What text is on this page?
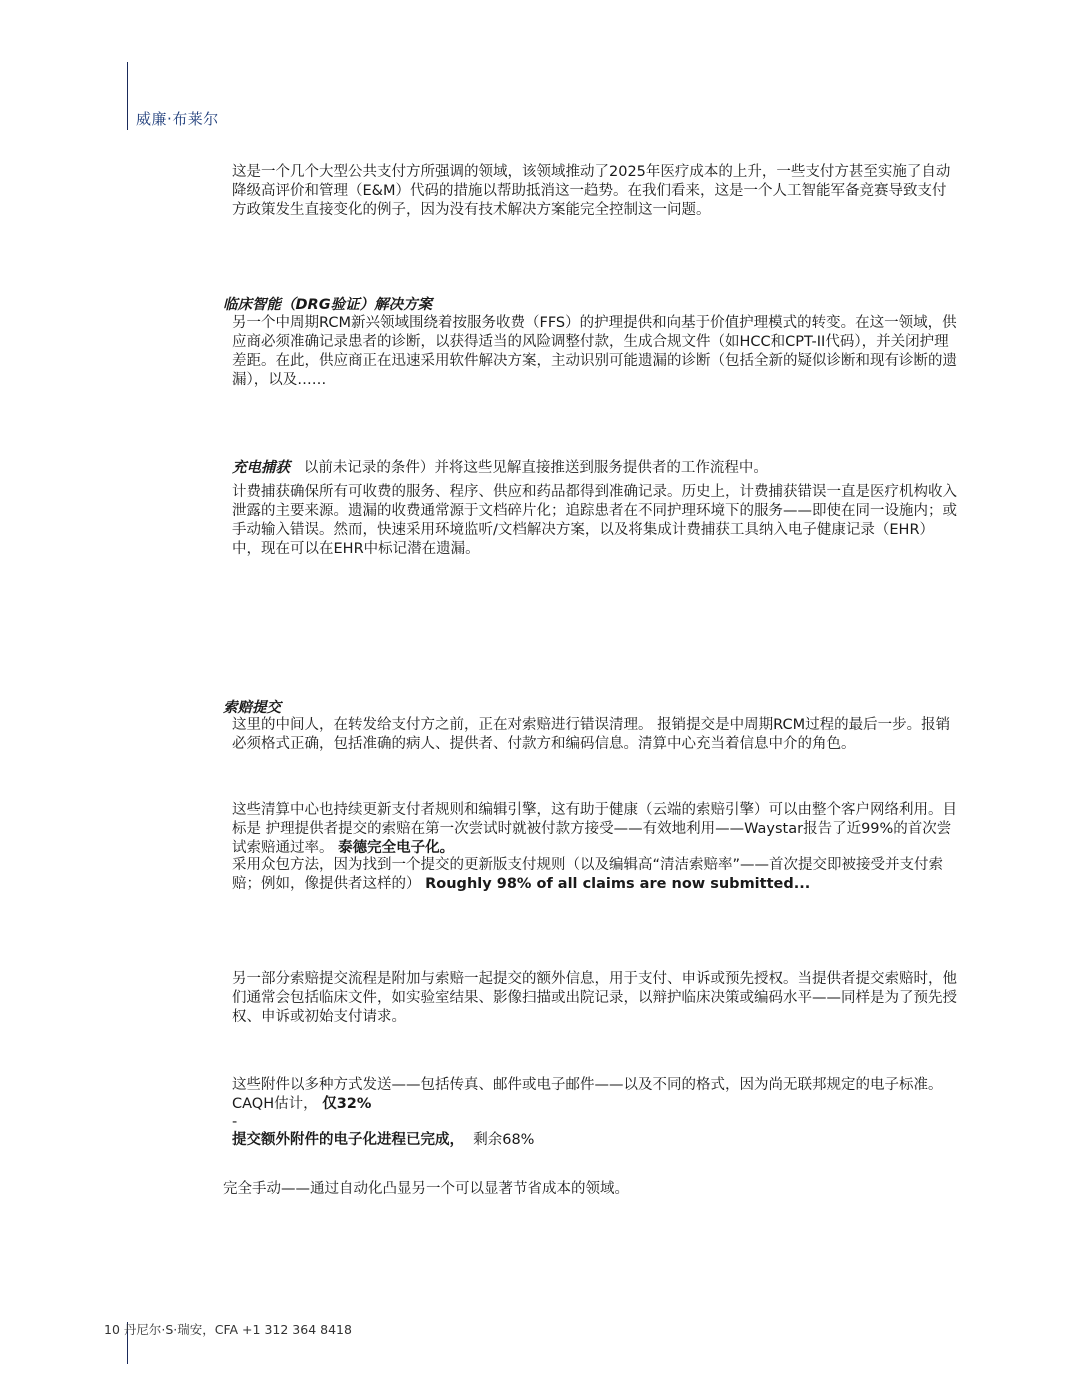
威廉·布莱尔

这是一个几个大型公共支付方所强调的领域，该领域推动了2025年医疗成本的上升，一些支付方甚至实施了自动降级高评价和管理（E&M）代码的措施以帮助抵消这一趋势。在我们看来，这是一个人工智能军备竞赛导致支付方政策发生直接变化的例子，因为没有技术解决方案能完全控制这一问题。

临床智能（DRG验证）解决方案

另一个中周期RCM新兴领域围绕着按服务收费（FFS）的护理提供和向基于价值护理模式的转变。在这一领域，供应商必须准确记录患者的诊断，以获得适当的风险调整付款，生成合规文件（如HCC和CPT-II代码），并关闭护理差距。在此，供应商正在迅速采用软件解决方案，主动识别可能遗漏的诊断（包括全新的疑似诊断和现有诊断的遗漏），以及……

充电捕获 以前未记录的条件）并将这些见解直接推送到服务提供者的工作流程中。

计费捕获确保所有可收费的服务、程序、供应和药品都得到准确记录。历史上，计费捕获错误一直是医疗机构收入泄露的主要来源。遗漏的收费通常源于文档碎片化；追踪患者在不同护理环境下的服务——即使在同一设施内；或手动输入错误。然而，快速采用环境监听/文档解决方案，以及将集成计费捕获工具纳入电子健康记录（EHR）中，现在可以在EHR中标记潜在遗漏。

索赔提交

这里的中间人，在转发给支付方之前，正在对索赔进行错误清理。 报销提交是中周期RCM过程的最后一步。报销必须格式正确，包括准确的病人、提供者、付款方和编码信息。清算中心充当着信息中介的角色。

这些清算中心也持续更新支付者规则和编辑引擎，这有助于健康（云端的索赔引擎）可以由整个客户网络利用。目标是 护理提供者提交的索赔在第一次尝试时就被付款方接受——有效地利用——Waystar报告了近99%的首次尝试索赔通过率。 泰德完全电子化。

采用众包方法，因为找到一个提交的更新版支付规则（以及编辑高“清洁索赔率”——首次提交即被接受并支付索赔；例如，像提供者这样的） Roughly 98% of all claims are now submitted...

另一部分索赔提交流程是附加与索赔一起提交的额外信息，用于支付、申诉或预先授权。当提供者提交索赔时，他们通常会包括临床文件，如实验室结果、影像扫描或出院记录，以辩护临床决策或编码水平——同样是为了预先授权、申诉或初始支付请求。

这些附件以多种方式发送——包括传真、邮件或电子邮件——以及不同的格式，因为尚无联邦规定的电子标准。CAQH估计， 仅32%

-

提交额外附件的电子化进程已完成， 剩余68%

完全手动——通过自动化凸显另一个可以显著节省成本的领域。

10 丹尼尔·S·瑞安，CFA +1 312 364 8418
